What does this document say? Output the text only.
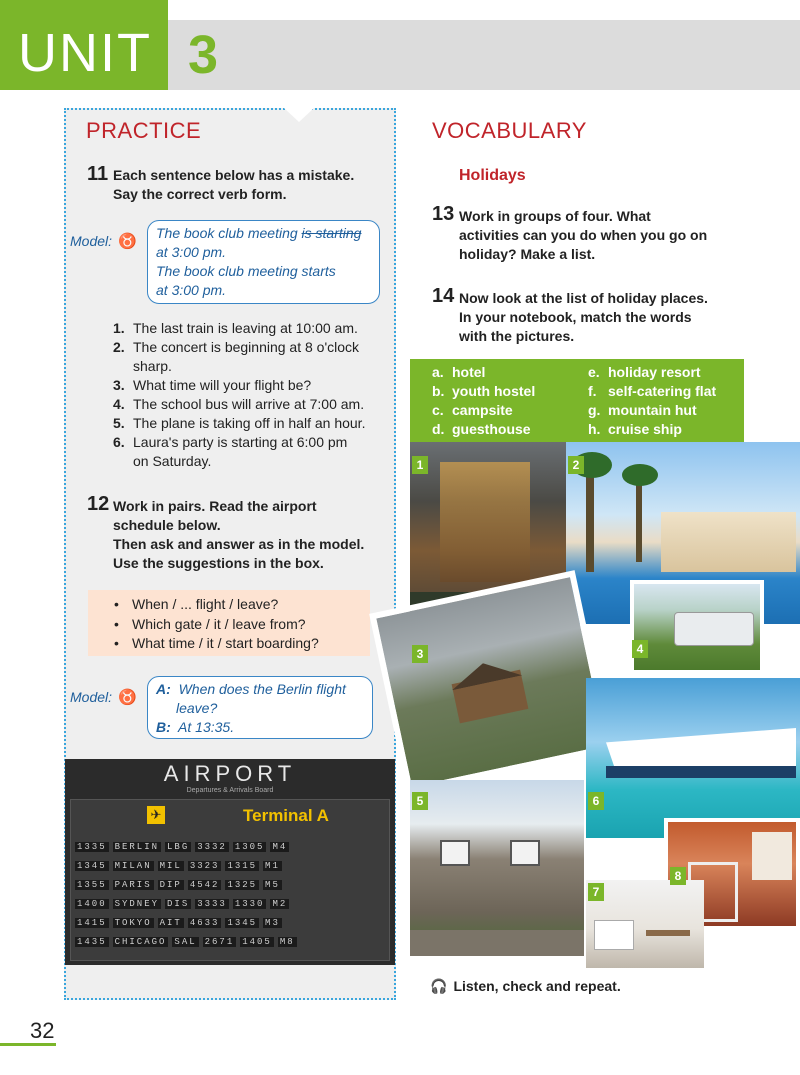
UNIT 3
PRACTICE
11 Each sentence below has a mistake.
Say the correct verb form.
Model: ♉ The book club meeting is starting
at 3:00 pm.
The book club meeting starts
at 3:00 pm.
1. The last train is leaving at 10:00 am.
2. The concert is beginning at 8 o'clock
sharp.
3. What time will your flight be?
4. The school bus will arrive at 7:00 am.
5. The plane is taking off in half an hour.
6. Laura's party is starting at 6:00 pm
on Saturday.
12 Work in pairs. Read the airport
schedule below.
Then ask and answer as in the model.
Use the suggestions in the box.
• When / ... flight / leave?
• Which gate / it / leave from?
• What time / it / start boarding?
Model: ♉ A: When does the Berlin flight
leave?
B: At 13:35.
AIRPORT
Departures & Arrivals Board
✈	Terminal A
1335 BERLIN LBG 3332 1305 M4
1345 MILAN MIL 3323 1315 M1
1355 PARIS DIP 4542 1325 M5
1400 SYDNEY DIS 3333 1330 M2
1415 TOKYO AIT 4633 1345 M3
1435 CHICAGO SAL 2671 1405 M8
VOCABULARY
Holidays
13 Work in groups of four. What
activities can you do when you go on
holiday? Make a list.
14 Now look at the list of holiday places.
In your notebook, match the words
with the pictures.
a. hotel
b. youth hostel
c. campsite
d. guesthouse
e. holiday resort
f. self-catering flat
g. mountain hut
h. cruise ship
1	2
3	4
5	6
7
8
🎧 Listen, check and repeat.
32
